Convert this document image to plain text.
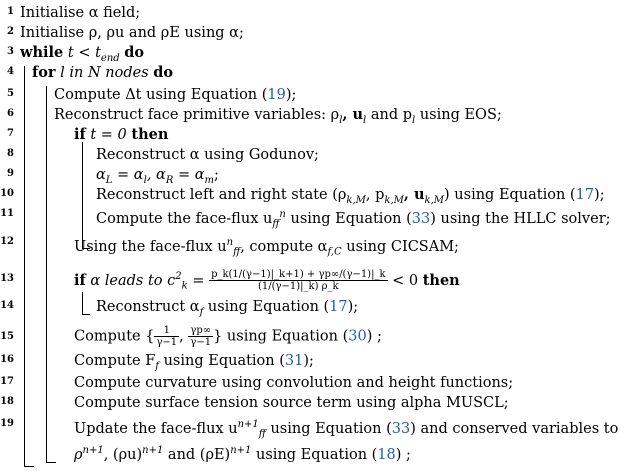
1 Initialise α field;
2 Initialise ρ, ρu and ρE using α;
3 while $t < t_{end}$ do
4 for l in N nodes do
5	Compute Δt using Equation (19);
6	Reconstruct face primitive variables: $\rho_l$, $u_l$ and $p_l$ using EOS;
7	if t = 0 then
8	Reconstruct α using Godunov;
9	$\alpha_L = \alpha_l$, $\alpha_R = \alpha_m$;
10	Reconstruct left and right state ($\rho_{k,M}$, $p_{k,M}$, $u_{k,M}$) using Equation (17);
11	Compute the face-flux $u_{ff}^n$ using Equation (33) using the HLLC solver;
12	Using the face-flux $u^n_{ff}$, compute $\alpha_{f,C}$ using CICSAM;
13	if α leads to $c^2_k = \frac{p\_k(1/(\gamma-1)|\_k+1) + \gamma p\infty/(\gamma-1)|\_k}{(1/(\gamma-1)|\_k) \rho\_k} < 0$ then
14	Reconstruct $\alpha_f$ using Equation (17);
15	Compute { $\frac{1}{\gamma-1}$ , $\frac{\gamma p\infty}{\gamma-1}$ } using Equation (30) ;
16	Compute $F_f$ using Equation (31);
17	Compute curvature using convolution and height functions;
18	Compute surface tension source term using alpha MUSCL;
19	Update the face-flux $u^{n+1}_{ff}$ using Equation (33) and conserved variables to
$\rho^{n+1}$, $(\rho u)^{n+1}$ and $(\rho E)^{n+1}$ using Equation (18) ;
